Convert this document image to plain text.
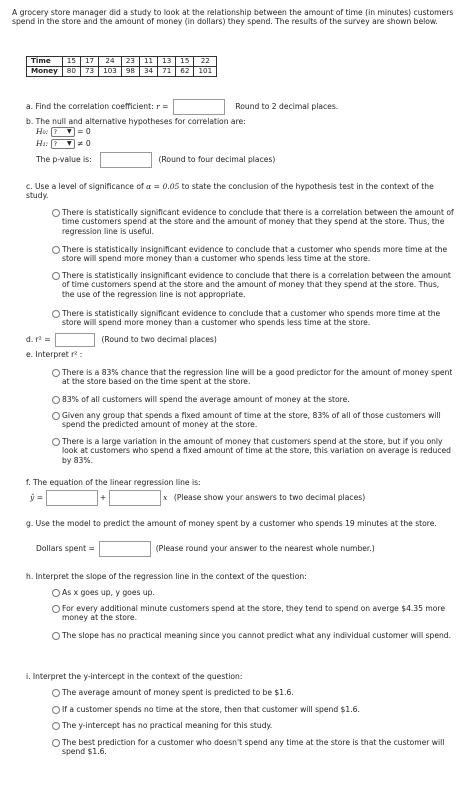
A grocery store manager did a study to look at the relationship between the amount of time (in minutes) customers spend in the store and the amount of money (in dollars) they spend. The results of the survey are shown below.
Time	15	17	24	23	11	13	15	22
Money	80	73	103	98	34	71	62	101
a. Find the correlation coefficient: r =	Round to 2 decimal places.
b. The null and alternative hypotheses for correlation are:
H₀: ? ▼ = 0
H₁: ? ▼ ≠ 0
The p-value is:	(Round to four decimal places)
c. Use a level of significance of α = 0.05 to state the conclusion of the hypothesis test in the context of the study.
There is statistically significant evidence to conclude that there is a correlation between the amount of time customers spend at the store and the amount of money that they spend at the store. Thus, the regression line is useful.
There is statistically insignificant evidence to conclude that a customer who spends more time at the store will spend more money than a customer who spends less time at the store.
There is statistically insignificant evidence to conclude that there is a correlation between the amount of time customers spend at the store and the amount of money that they spend at the store. Thus, the use of the regression line is not appropriate.
There is statistically significant evidence to conclude that a customer who spends more time at the store will spend more money than a customer who spends less time at the store.
d. r² =	(Round to two decimal places)
e. Interpret r² :
There is a 83% chance that the regression line will be a good predictor for the amount of money spent at the store based on the time spent at the store.
83% of all customers will spend the average amount of money at the store.
Given any group that spends a fixed amount of time at the store, 83% of all of those customers will spend the predicted amount of money at the store.
There is a large variation in the amount of money that customers spend at the store, but if you only look at customers who spend a fixed amount of time at the store, this variation on average is reduced by 83%.
f. The equation of the linear regression line is:
ŷ =	+	x (Please show your answers to two decimal places)
g. Use the model to predict the amount of money spent by a customer who spends 19 minutes at the store.
Dollars spent =	(Please round your answer to the nearest whole number.)
h. Interpret the slope of the regression line in the context of the question:
As x goes up, y goes up.
For every additional minute customers spend at the store, they tend to spend on averge $4.35 more money at the store.
The slope has no practical meaning since you cannot predict what any individual customer will spend.
i. Interpret the y-intercept in the context of the question:
The average amount of money spent is predicted to be $1.6.
If a customer spends no time at the store, then that customer will spend $1.6.
The y-intercept has no practical meaning for this study.
The best prediction for a customer who doesn't spend any time at the store is that the customer will spend $1.6.
